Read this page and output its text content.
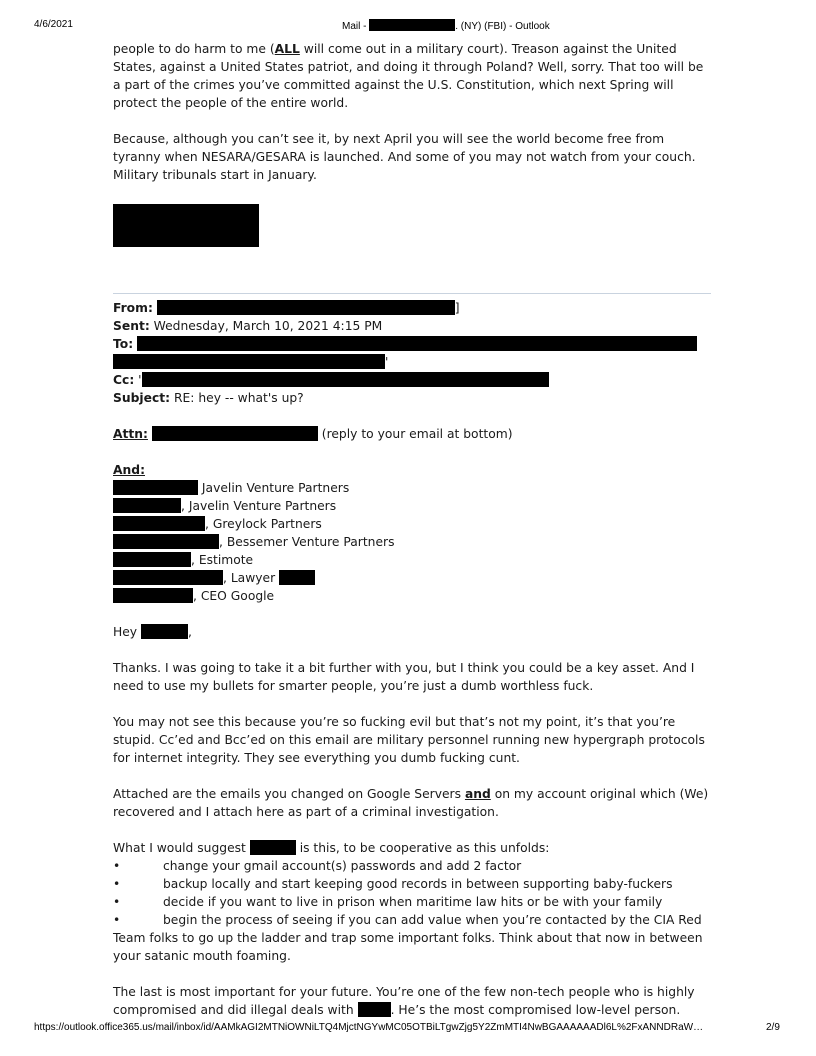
4/6/2021	Mail -	. (NY) (FBI) - Outlook

people to do harm to me (ALL will come out in a military court). Treason against the United States, against a United States patriot, and doing it through Poland? Well, sorry. That too will be a part of the crimes you’ve committed against the U.S. Constitution, which next Spring will protect the people of the entire world.

Because, although you can’t see it, by next April you will see the world become free from tyranny when NESARA/GESARA is launched. And some of you may not watch from your couch. Military tribunals start in January.

From:	]

Sent: Wednesday, March 10, 2021 4:15 PM

To:

'

Cc: '

Subject: RE: hey -- what's up?

Attn:	(reply to your email at bottom)

And:

Javelin Venture Partners

, Javelin Venture Partners

, Greylock Partners

, Bessemer Venture Partners

, Estimote

, Lawyer

, CEO Google

Hey	,

Thanks. I was going to take it a bit further with you, but I think you could be a key asset. And I need to use my bullets for smarter people, you’re just a dumb worthless fuck.

You may not see this because you’re so fucking evil but that’s not my point, it’s that you’re stupid. Cc’ed and Bcc’ed on this email are military personnel running new hypergraph protocols for internet integrity. They see everything you dumb fucking cunt.

Attached are the emails you changed on Google Servers and on my account original which (We) recovered and I attach here as part of a criminal investigation.

What I would suggest	is this, to be cooperative as this unfolds:

•	change your gmail account(s) passwords and add 2 factor
•	backup locally and start keeping good records in between supporting baby-fuckers
•	decide if you want to live in prison when maritime law hits or be with your family
•	begin the process of seeing if you can add value when you’re contacted by the CIA Red

Team folks to go up the ladder and trap some important folks. Think about that now in between your satanic mouth foaming.

The last is most important for your future. You’re one of the few non-tech people who is highly compromised and did illegal deals with	. He’s the most compromised low-level person.

https://outlook.office365.us/mail/inbox/id/AAMkAGI2MTNiOWNiLTQ4MjctNGYwMC05OTBiLTgwZjg5Y2ZmMTI4NwBGAAAAAADl6L%2FxANNDRaW…	2/9
